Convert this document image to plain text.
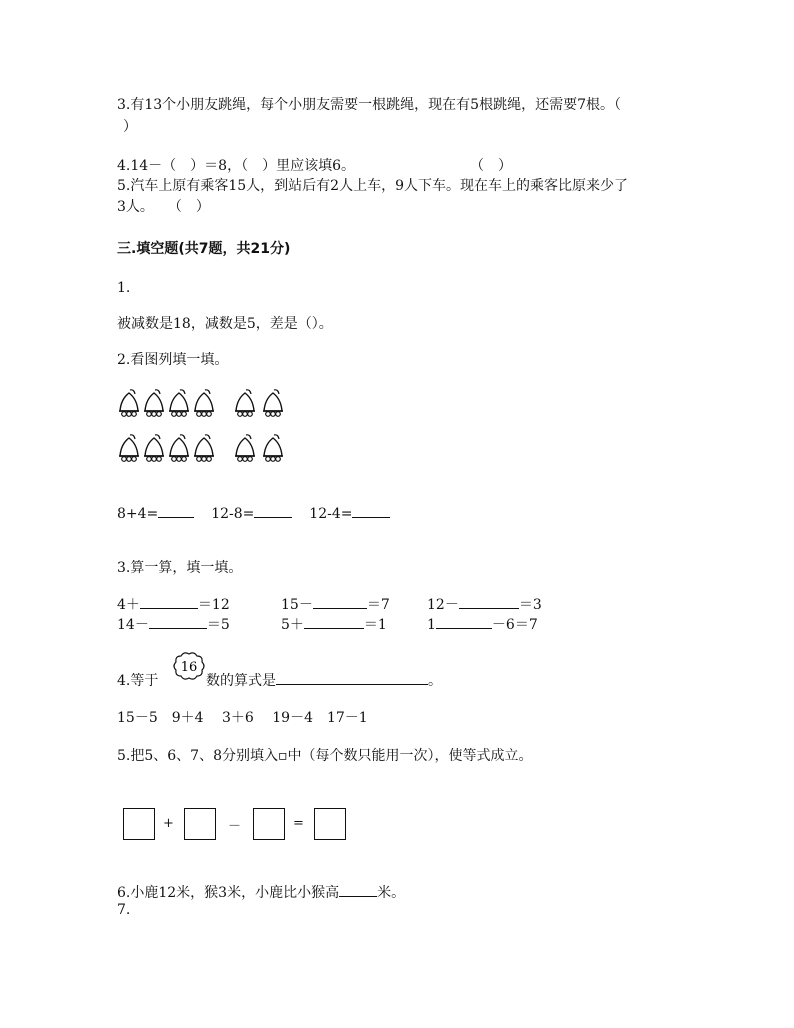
3.有13个小朋友跳绳，每个小朋友需要一根跳绳，现在有5根跳绳，还需要7根。（
）
4.14－（　）＝8，（　）里应该填6。	（　）
5.汽车上原有乘客15人，到站后有2人上车，9人下车。现在车上的乘客比原来少了
3人。　　（　）
三.填空题(共7题，共21分)
1.
被减数是18，减数是5，差是（）。
2.看图列填一填。
8+4=	12-8=	12-4=
3.算一算，填一填。
4＋	＝12	15－	＝7	12－	＝3
14－	＝5	5＋	＝1	1	－6＝7
4.等于
16
数的算式是	。
15－5　9＋4　 3＋6　 19－4　17－1
5.把5、6、7、8分别填入▫中（每个数只能用一次），使等式成立。
+	－	=
6.小鹿12米，猴3米，小鹿比小猴高	米。
7.
